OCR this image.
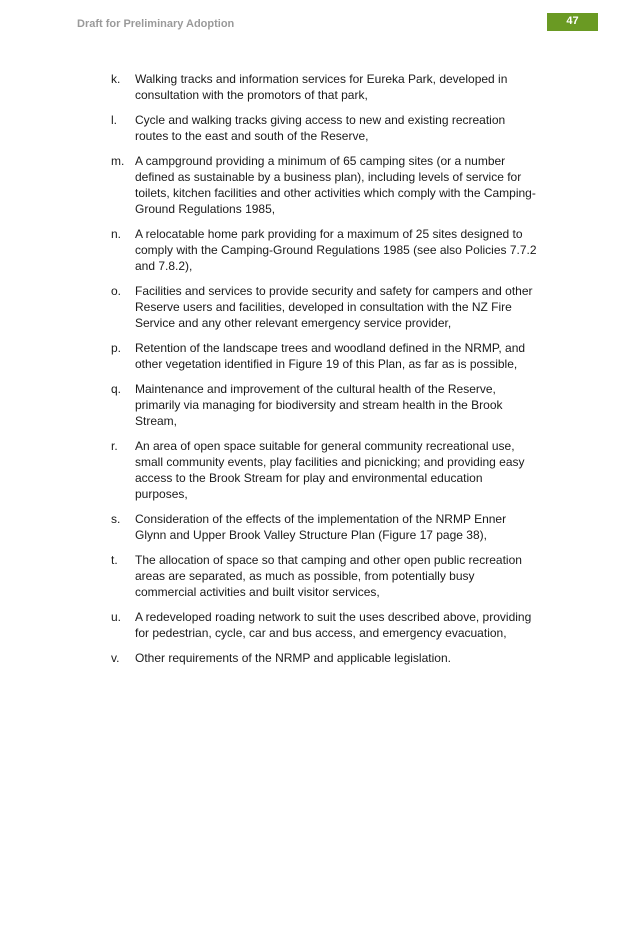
Draft for Preliminary Adoption	47
k.	Walking tracks and information services for Eureka Park, developed in consultation with the promotors of that park,
l.	Cycle and walking tracks giving access to new and existing recreation routes to the east and south of the Reserve,
m. A campground providing a minimum of 65 camping sites (or a number defined as sustainable by a business plan), including levels of service for toilets, kitchen facilities and other activities which comply with the Camping-Ground Regulations 1985,
n.	A relocatable home park providing for a maximum of 25 sites designed to comply with the Camping-Ground Regulations 1985 (see also Policies 7.7.2 and 7.8.2),
o.	Facilities and services to provide security and safety for campers and other Reserve users and facilities, developed in consultation with the NZ Fire Service and any other relevant emergency service provider,
p.	Retention of the landscape trees and woodland defined in the NRMP, and other vegetation identified in Figure 19 of this Plan, as far as is possible,
q.	Maintenance and improvement of the cultural health of the Reserve, primarily via managing for biodiversity and stream health in the Brook Stream,
r.	An area of open space suitable for general community recreational use, small community events, play facilities and picnicking; and providing easy access to the Brook Stream for play and environmental education purposes,
s.	Consideration of the effects of the implementation of the NRMP Enner Glynn and Upper Brook Valley Structure Plan (Figure 17 page 38),
t.	The allocation of space so that camping and other open public recreation areas are separated, as much as possible, from potentially busy commercial activities and built visitor services,
u.	A redeveloped roading network to suit the uses described above, providing for pedestrian, cycle, car and bus access, and emergency evacuation,
v.	Other requirements of the NRMP and applicable legislation.
